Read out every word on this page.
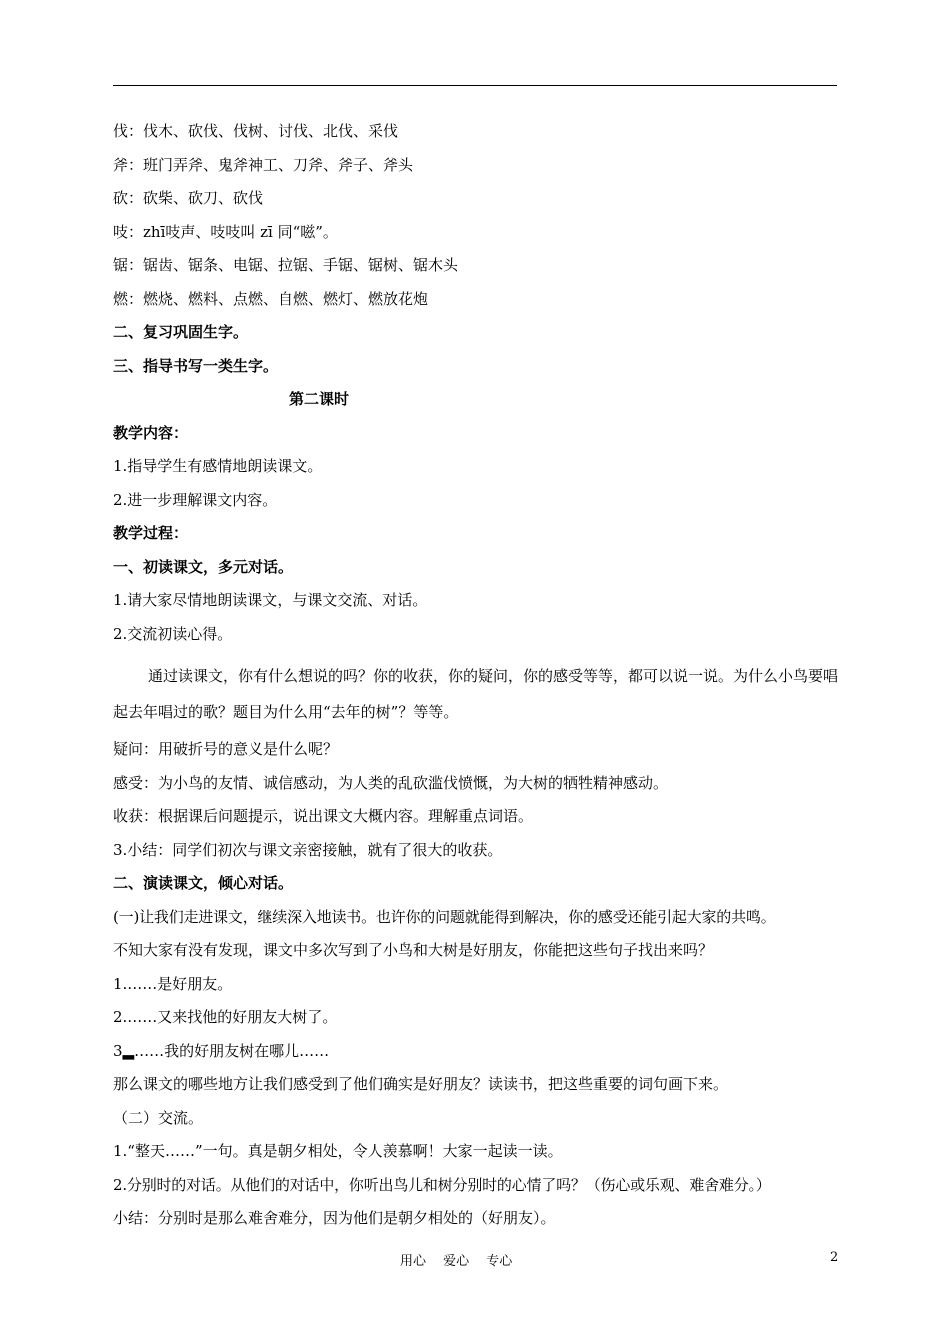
伐：伐木、砍伐、伐树、讨伐、北伐、采伐
斧：班门弄斧、鬼斧神工、刀斧、斧子、斧头
砍：砍柴、砍刀、砍伐
吱：zhī吱声、吱吱叫 zī 同“嗞”。
锯：锯齿、锯条、电锯、拉锯、手锯、锯树、锯木头
燃：燃烧、燃料、点燃、自燃、燃灯、燃放花炮
二、复习巩固生字。
三、指导书写一类生字。
第二课时
教学内容：
1.指导学生有感情地朗读课文。
2.进一步理解课文内容。
教学过程：
一、初读课文，多元对话。
1.请大家尽情地朗读课文，与课文交流、对话。
2.交流初读心得。
通过读课文，你有什么想说的吗？你的收获，你的疑问，你的感受等等，都可以说一说。为什么小鸟要唱起去年唱过的歌？题目为什么用“去年的树”？等等。
疑问：用破折号的意义是什么呢？
感受：为小鸟的友情、诚信感动，为人类的乱砍滥伐愤慨，为大树的牺牲精神感动。
收获：根据课后问题提示，说出课文大概内容。理解重点词语。
3.小结：同学们初次与课文亲密接触，就有了很大的收获。
二、演读课文，倾心对话。
(一)让我们走进课文，继续深入地读书。也许你的问题就能得到解决，你的感受还能引起大家的共鸣。
不知大家有没有发现，课文中多次写到了小鸟和大树是好朋友，你能把这些句子找出来吗？
1.……是好朋友。
2.……又来找他的好朋友大树了。
3▂……我的好朋友树在哪儿……
那么课文的哪些地方让我们感受到了他们确实是好朋友？读读书，把这些重要的词句画下来。
（二）交流。
1.“整天……”一句。真是朝夕相处，令人羡慕啊！大家一起读一读。
2.分别时的对话。从他们的对话中，你听出鸟儿和树分别时的心情了吗？（伤心或乐观、难舍难分。）
小结：分别时是那么难舍难分，因为他们是朝夕相处的（好朋友）。
用心　 爱心　 专心	2
